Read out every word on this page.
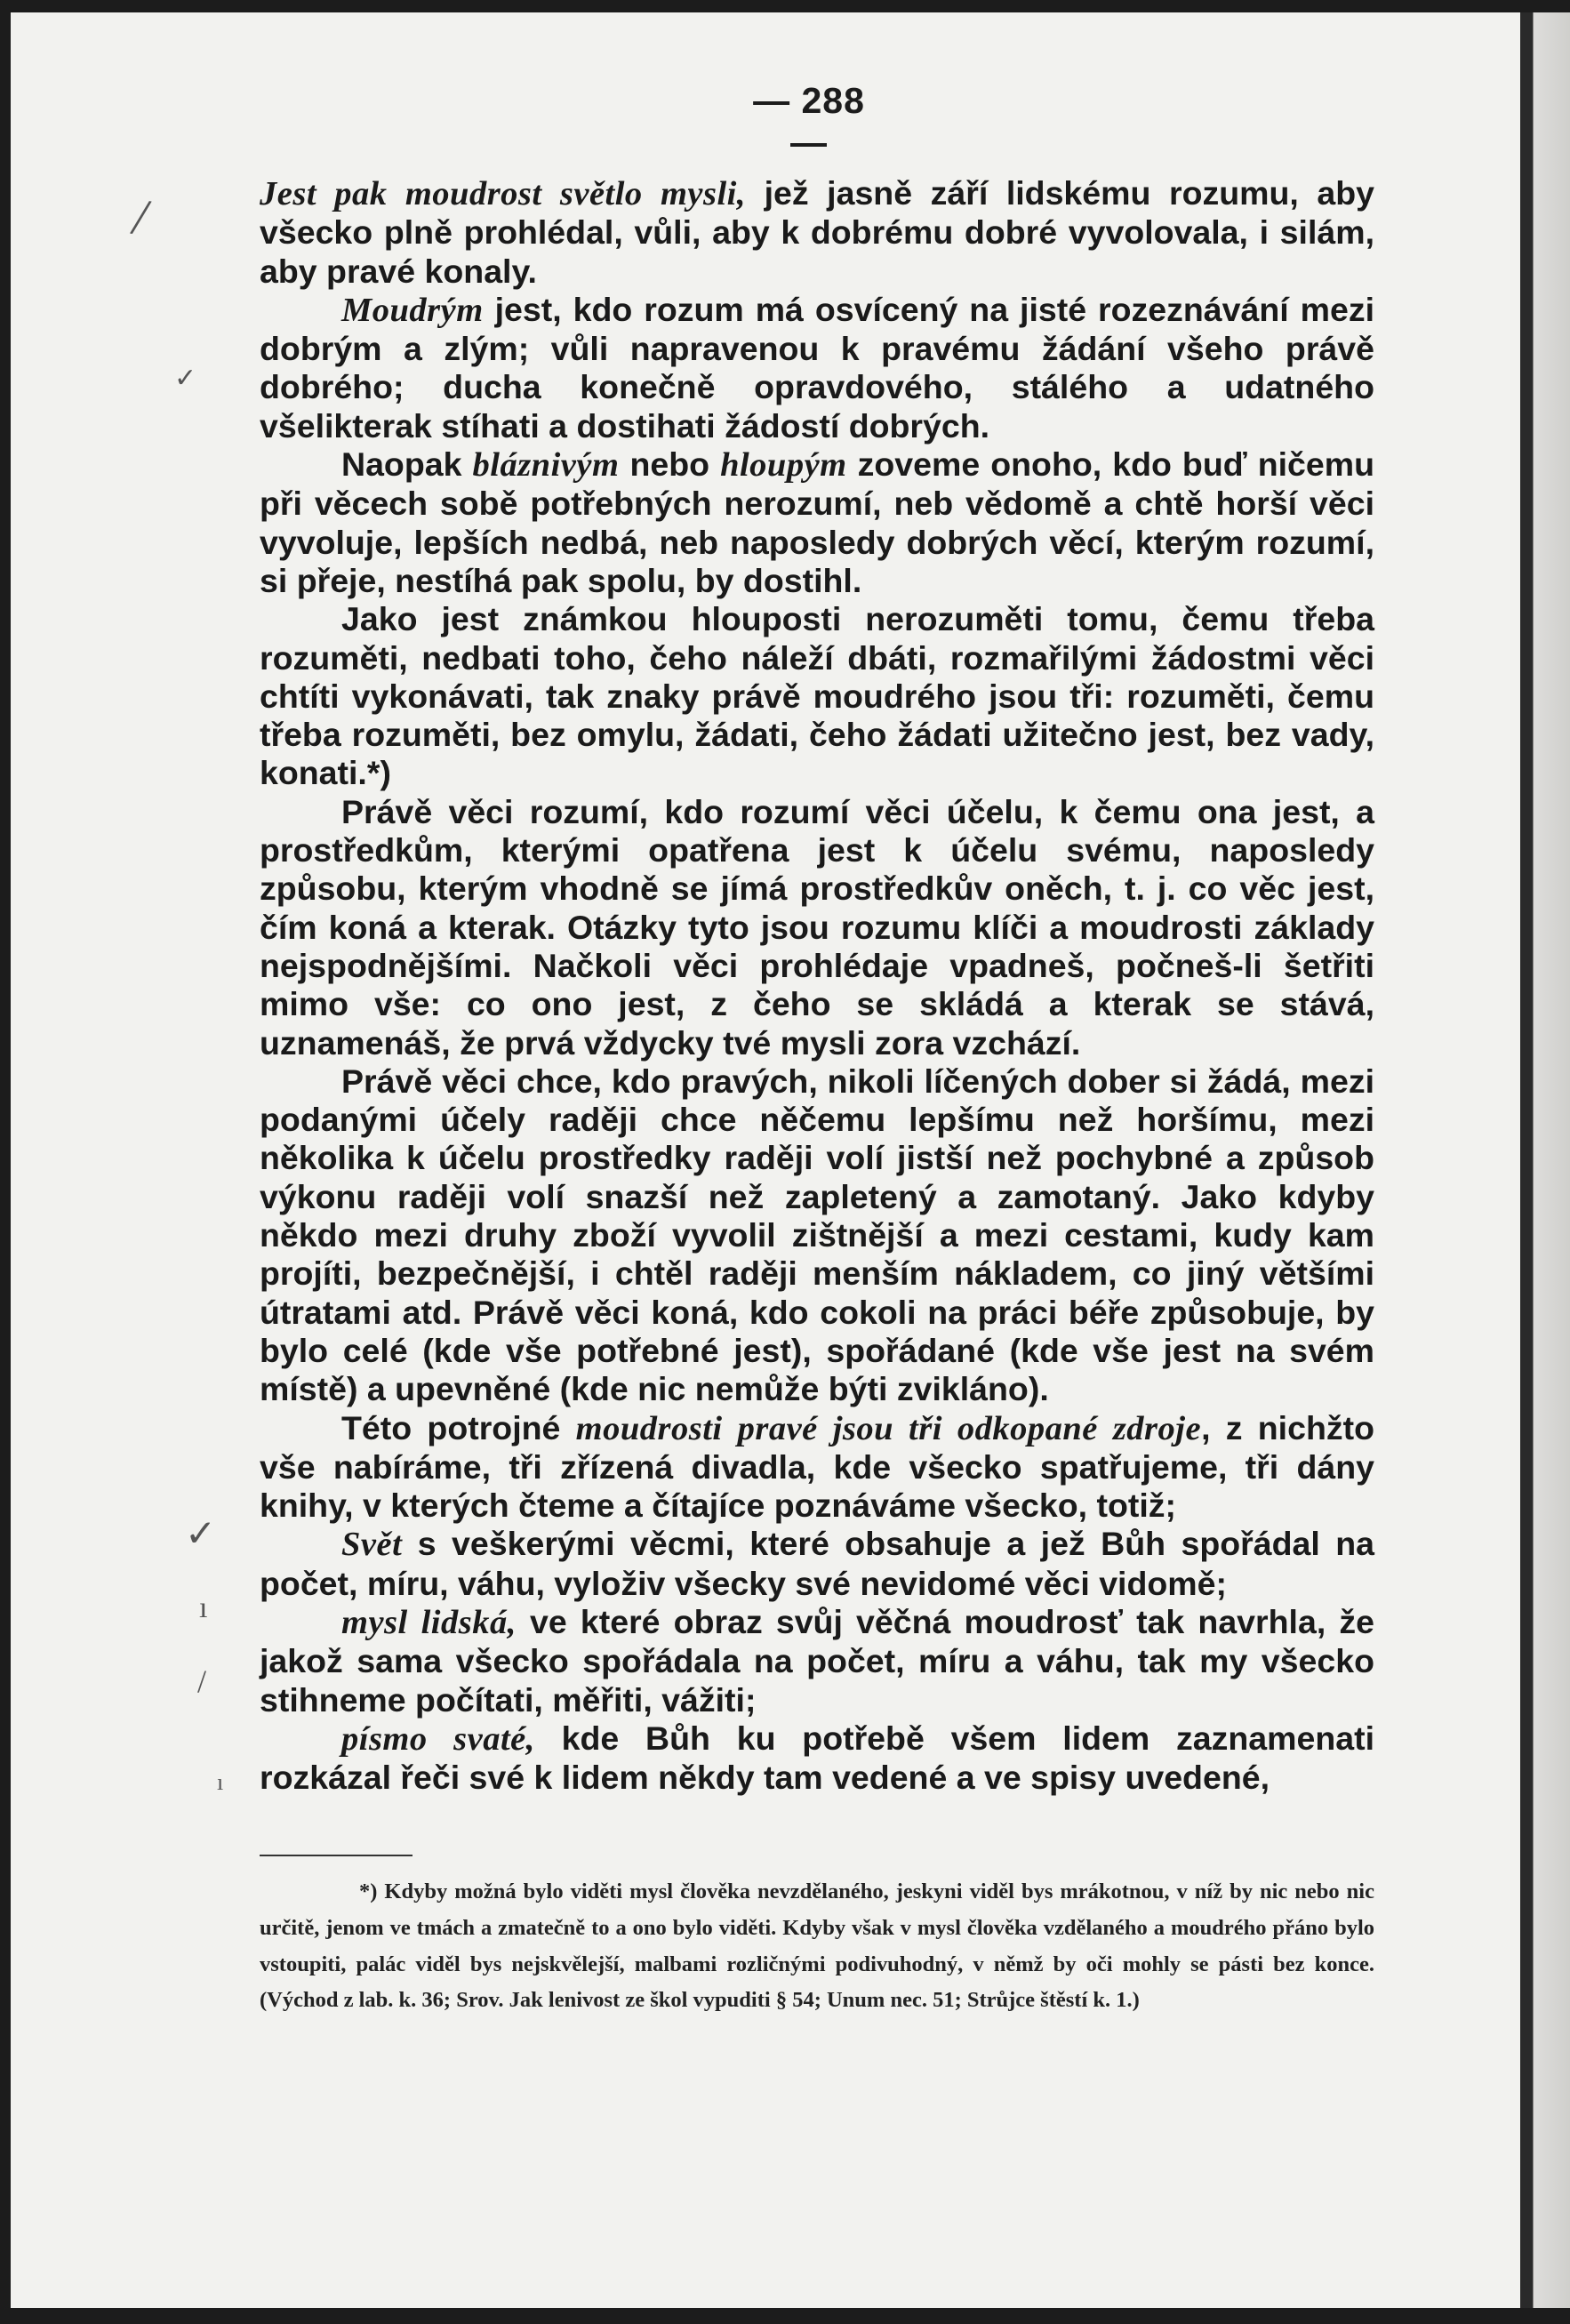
— 288 —

Jest pak moudrost světlo mysli, jež jasně září lidskému rozumu, aby všecko plně prohlédal, vůli, aby k dobrému dobré vyvolovala, i silám, aby pravé konaly.

Moudrým jest, kdo rozum má osvícený na jisté rozeznávání mezi dobrým a zlým; vůli napravenou k pravému žádání všeho právě dobrého; ducha konečně opravdového, stálého a udatného všelikterak stíhati a dostihati žádostí dobrých.

Naopak bláznivým nebo hloupým zoveme onoho, kdo buď ničemu při věcech sobě potřebných nerozumí, neb vědomě a chtě horší věci vyvoluje, lepších nedbá, neb naposledy dobrých věcí, kterým rozumí, si přeje, nestíhá pak spolu, by dostihl.

Jako jest známkou hlouposti nerozuměti tomu, čemu třeba rozuměti, nedbati toho, čeho náleží dbáti, rozmařilými žádostmi věci chtíti vykonávati, tak znaky právě moudrého jsou tři: rozuměti, čemu třeba rozuměti, bez omylu, žádati, čeho žádati užitečno jest, bez vady, konati.*)

Právě věci rozumí, kdo rozumí věci účelu, k čemu ona jest, a prostředkům, kterými opatřena jest k účelu svému, naposledy způsobu, kterým vhodně se jímá prostředkův oněch, t. j. co věc jest, čím koná a kterak. Otázky tyto jsou rozumu klíči a moudrosti základy nejspodnějšími. Načkoli věci prohlédaje vpadneš, počneš-li šetřiti mimo vše: co ono jest, z čeho se skládá a kterak se stává, uznamenáš, že prvá vždycky tvé mysli zora vzchází.

Právě věci chce, kdo pravých, nikoli líčených dober si žádá, mezi podanými účely raději chce něčemu lepšímu než horšímu, mezi několika k účelu prostředky raději volí jistší než pochybné a způsob výkonu raději volí snazší než zapletený a zamotaný. Jako kdyby někdo mezi druhy zboží vyvolil zištnější a mezi cestami, kudy kam projíti, bezpečnější, i chtěl raději menším nákladem, co jiný většími útratami atd. Právě věci koná, kdo cokoli na práci béře způsobuje, by bylo celé (kde vše potřebné jest), spořádané (kde vše jest na svém místě) a upevněné (kde nic nemůže býti zviklánо).

Této potrojné moudrosti pravé jsou tři odkopané zdroje, z nichžto vše nabíráme, tři zřízená divadla, kde všecko spatřujeme, tři dány knihy, v kterých čteme a čítajíce poznáváme všecko, totiž;

Svět s veškerými věcmi, které obsahuje a jež Bůh spořádal na počet, míru, váhu, vyloživ všecky své nevidomé věci vidomě;

mysl lidská, ve které obraz svůj věčná moudrosť tak navrhla, že jakož sama všecko spořádala na počet, míru a váhu, tak my všecko stihneme počítati, měřiti, vážiti;

písmo svaté, kde Bůh ku potřebě všem lidem zaznamenati rozkázal řeči své k lidem někdy tam vedené a ve spisy uvedené,

*) Kdyby možná bylo viděti mysl člověka nevzdělaného, jeskyni viděl bys mrákotnou, v níž by nic nebo nic určitě, jenom ve tmách a zmatečně to a ono bylo viděti. Kdyby však v mysl člověka vzdělaného a moudrého přáno bylo vstoupiti, palác viděl bys nejskvělejší, malbami rozličnými podivuhodný, v němž by oči mohly se pásti bez konce. (Východ z lab. k. 36; Srov. Jak lenivost ze škol vypuditi § 54; Unum nec. 51; Strůjce štěstí k. 1.)
/
✓
✓
ı
/
ı
